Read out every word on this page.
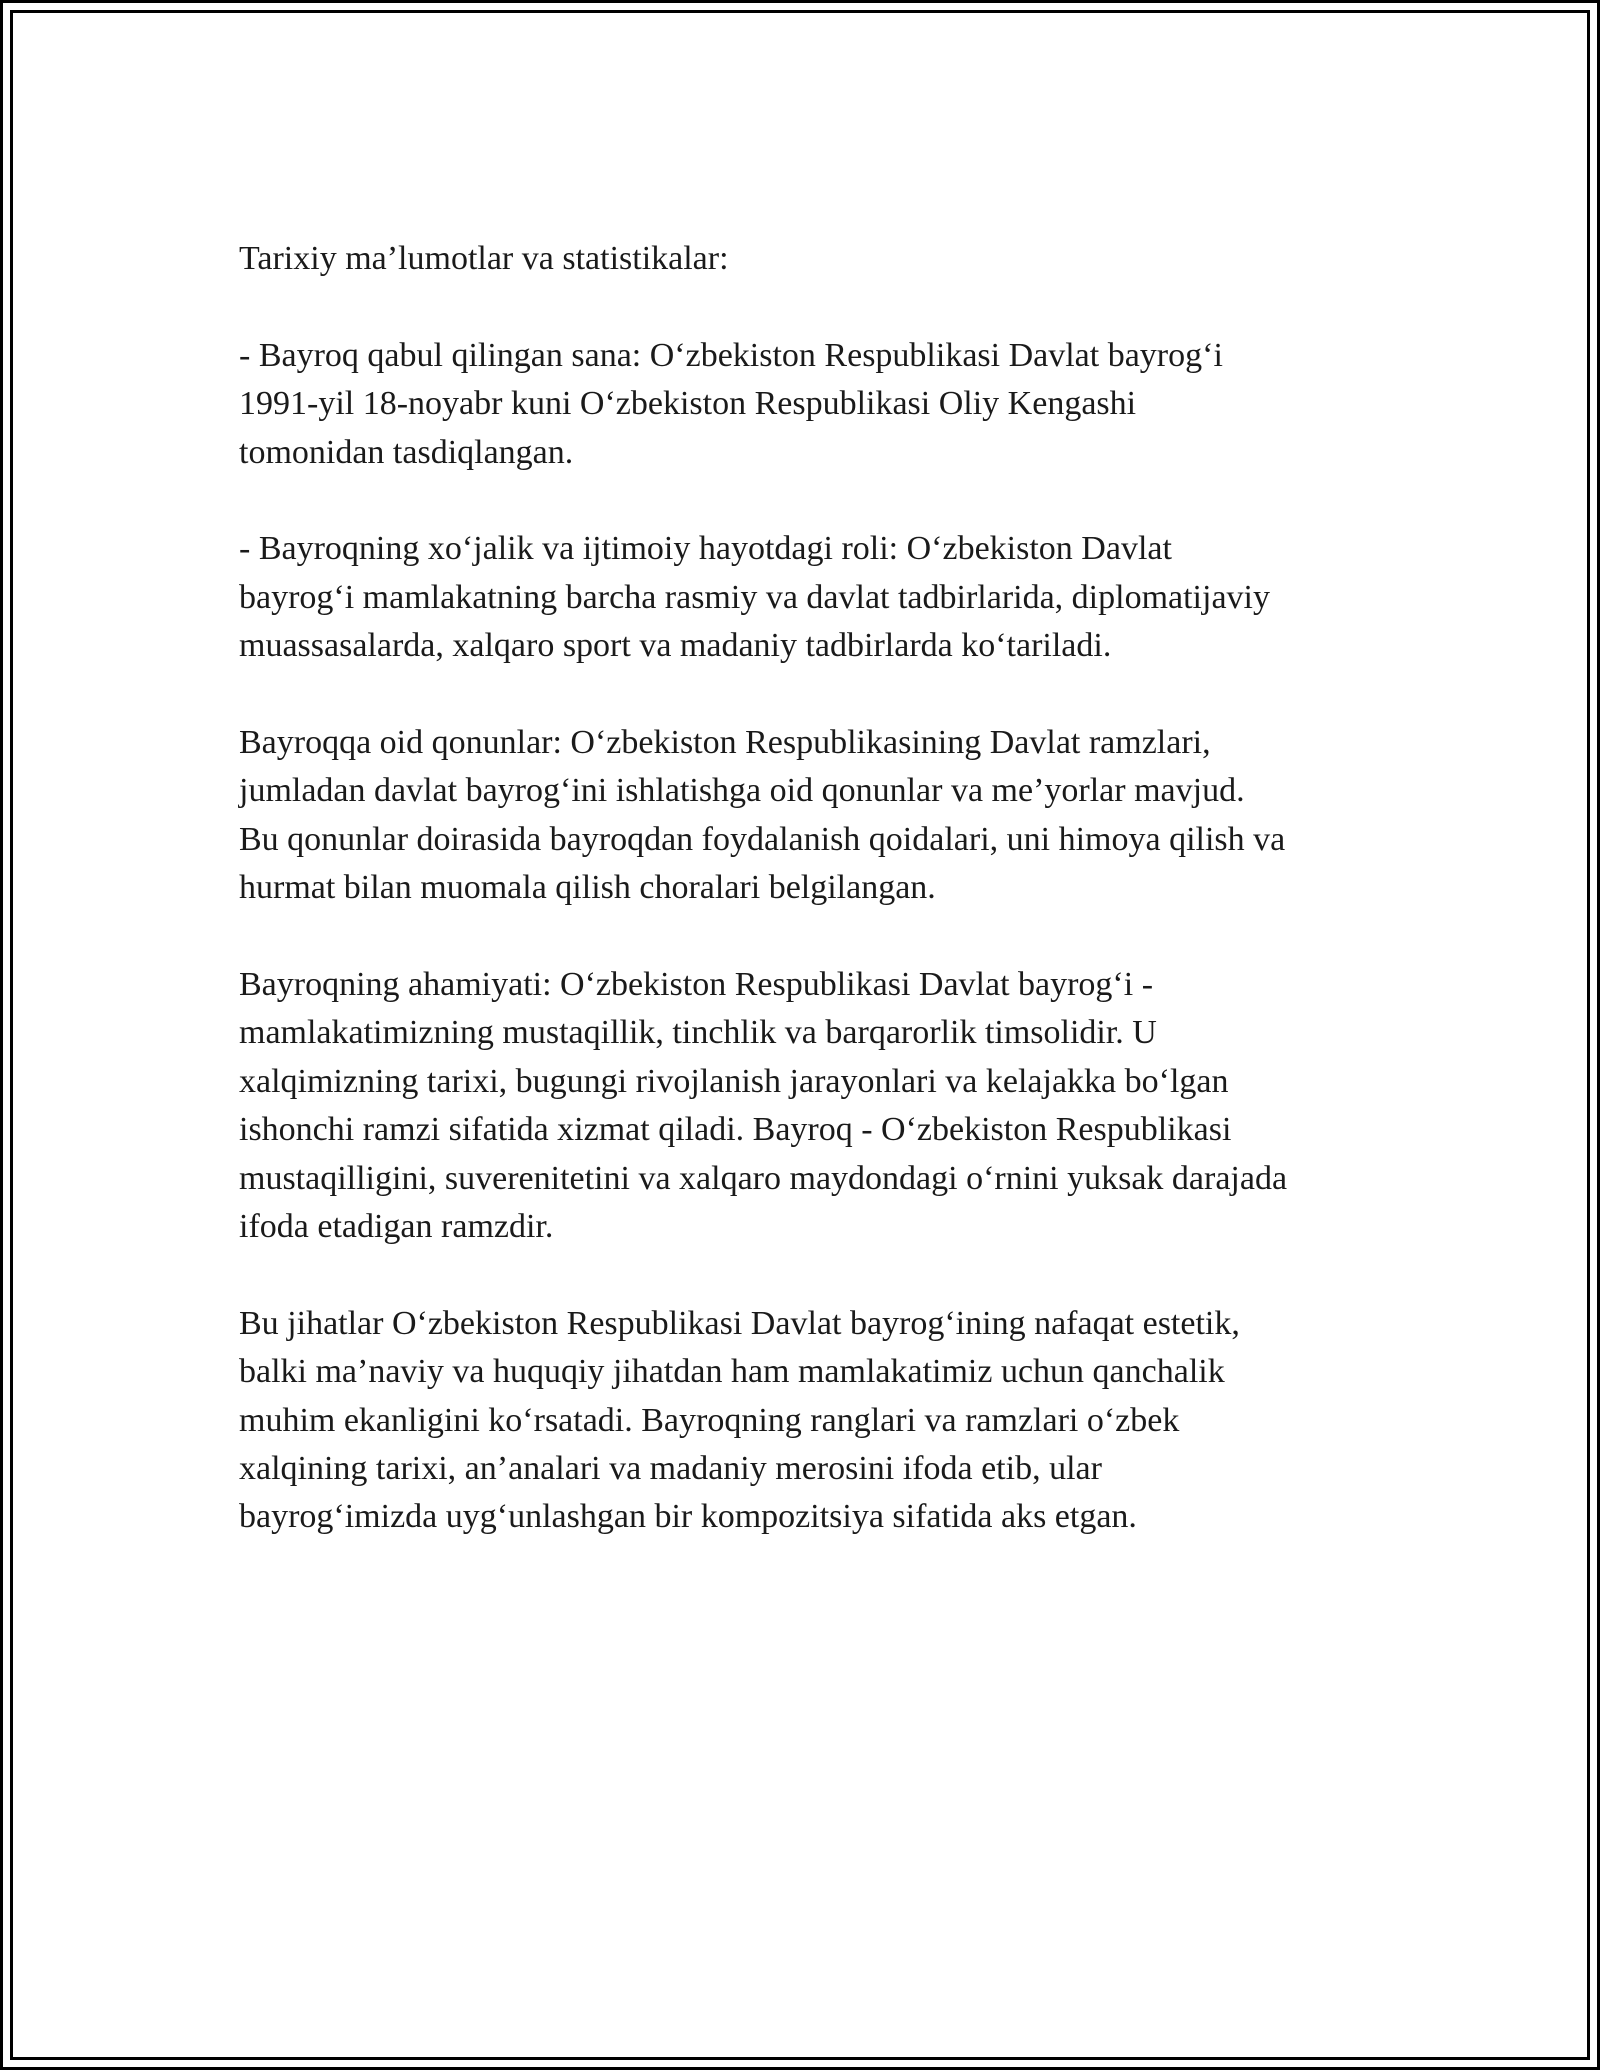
Tarixiy ma’lumotlar va statistikalar:

- Bayroq qabul qilingan sana: O‘zbekiston Respublikasi Davlat bayrog‘i
1991-yil 18-noyabr kuni O‘zbekiston Respublikasi Oliy Kengashi
tomonidan tasdiqlangan.

- Bayroqning xo‘jalik va ijtimoiy hayotdagi roli: O‘zbekiston Davlat
bayrog‘i mamlakatning barcha rasmiy va davlat tadbirlarida, diplomatijaviy
muassasalarda, xalqaro sport va madaniy tadbirlarda ko‘tariladi.

Bayroqqa oid qonunlar: O‘zbekiston Respublikasining Davlat ramzlari,
jumladan davlat bayrog‘ini ishlatishga oid qonunlar va me’yorlar mavjud.
Bu qonunlar doirasida bayroqdan foydalanish qoidalari, uni himoya qilish va
hurmat bilan muomala qilish choralari belgilangan.

Bayroqning ahamiyati: O‘zbekiston Respublikasi Davlat bayrog‘i -
mamlakatimizning mustaqillik, tinchlik va barqarorlik timsolidir. U
xalqimizning tarixi, bugungi rivojlanish jarayonlari va kelajakka bo‘lgan
ishonchi ramzi sifatida xizmat qiladi. Bayroq - O‘zbekiston Respublikasi
mustaqilligini, suverenitetini va xalqaro maydondagi o‘rnini yuksak darajada
ifoda etadigan ramzdir.

Bu jihatlar O‘zbekiston Respublikasi Davlat bayrog‘ining nafaqat estetik,
balki ma’naviy va huquqiy jihatdan ham mamlakatimiz uchun qanchalik
muhim ekanligini ko‘rsatadi. Bayroqning ranglari va ramzlari o‘zbek
xalqining tarixi, an’analari va madaniy merosini ifoda etib, ular
bayrog‘imizda uyg‘unlashgan bir kompozitsiya sifatida aks etgan.
